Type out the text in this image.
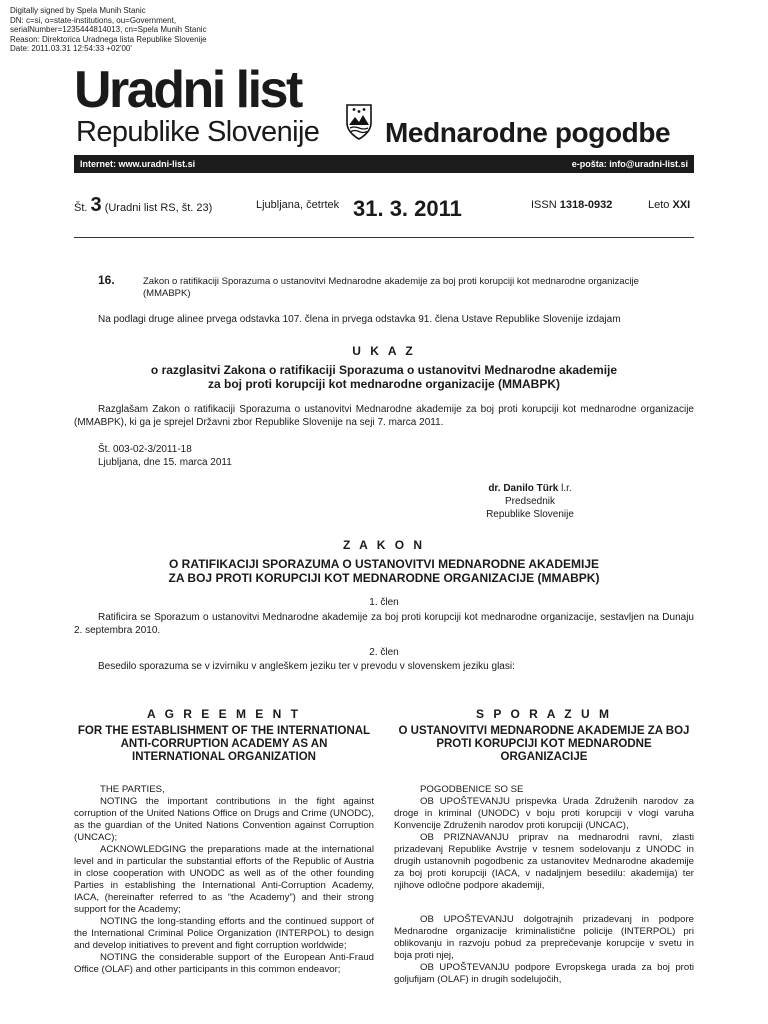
Digitally signed by Spela Munih Stanic
DN: c=si, o=state-institutions, ou=Government,
serialNumber=1235444814013, cn=Spela Munih Stanic
Reason: Direktorica Uradnega lista Republike Slovenije
Date: 2011.03.31 12:54:33 +02'00'
Uradni list
Republike Slovenije Mednarodne pogodbe
Internet: www.uradni-list.si	e-pošta: info@uradni-list.si
Št. 3 (Uradni list RS, št. 23)	Ljubljana, četrtek 31. 3. 2011	ISSN 1318-0932	Leto XXI
16.	Zakon o ratifikaciji Sporazuma o ustanovitvi Mednarodne akademije za boj proti korupciji kot mednarodne organizacije (MMABPK)
Na podlagi druge alinee prvega odstavka 107. člena in prvega odstavka 91. člena Ustave Republike Slovenije izdajam
U K A Z
o razglasitvi Zakona o ratifikaciji Sporazuma o ustanovitvi Mednarodne akademije
za boj proti korupciji kot mednarodne organizacije (MMABPK)
Razglašam Zakon o ratifikaciji Sporazuma o ustanovitvi Mednarodne akademije za boj proti korupciji kot mednarodne organizacije (MMABPK), ki ga je sprejel Državni zbor Republike Slovenije na seji 7. marca 2011.
Št. 003-02-3/2011-18
Ljubljana, dne 15. marca 2011
dr. Danilo Türk l.r.
Predsednik
Republike Slovenije
Z A K O N
O RATIFIKACIJI SPORAZUMA O USTANOVITVI MEDNARODNE AKADEMIJE
ZA BOJ PROTI KORUPCIJI KOT MEDNARODNE ORGANIZACIJE (MMABPK)
1. člen
Ratificira se Sporazum o ustanovitvi Mednarodne akademije za boj proti korupciji kot mednarodne organizacije, sestavljen na Dunaju 2. septembra 2010.
2. člen
Besedilo sporazuma se v izvirniku v angleškem jeziku ter v prevodu v slovenskem jeziku glasi:
A G R E E M E N T
FOR THE ESTABLISHMENT OF THE INTERNATIONAL ANTI-CORRUPTION ACADEMY AS AN INTERNATIONAL ORGANIZATION

THE PARTIES,

NOTING the important contributions in the fight against corruption of the United Nations Office on Drugs and Crime (UNODC), as the guardian of the United Nations Convention against Corruption (UNCAC);

ACKNOWLEDGING the preparations made at the international level and in particular the substantial efforts of the Republic of Austria in close cooperation with UNODC as well as of the other founding Parties in establishing the International Anti-Corruption Academy, IACA, (hereinafter referred to as “the Academy”) and their strong support for the Academy;

NOTING the long-standing efforts and the continued support of the International Criminal Police Organization (INTERPOL) to design and develop initiatives to prevent and fight corruption worldwide;

NOTING the considerable support of the European Anti-Fraud Office (OLAF) and other participants in this common endeavor;

S P O R A Z U M
O USTANOVITVI MEDNARODNE AKADEMIJE ZA BOJ PROTI KORUPCIJI KOT MEDNARODNE ORGANIZACIJE

POGODBENICE SO SE

OB UPOŠTEVANJU prispevka Urada Združenih narodov za droge in kriminal (UNODC) v boju proti korupciji v vlogi varuha Konvencije Združenih narodov proti korupciji (UNCAC),

OB PRIZNAVANJU priprav na mednarodni ravni, zlasti prizadevanj Republike Avstrije v tesnem sodelovanju z UNODC in drugih ustanovnih pogodbenic za ustanovitev Mednarodne akademije za boj proti korupciji (IACA, v nadaljnjem besedilu: akademija) ter njihove odločne podpore akademiji,

OB UPOŠTEVANJU dolgotrajnih prizadevanj in podpore Mednarodne organizacije kriminalistične policije (INTERPOL) pri oblikovanju in razvoju pobud za preprečevanje korupcije v svetu in boja proti njej,

OB UPOŠTEVANJU podpore Evropskega urada za boj proti goljufijam (OLAF) in drugih sodelujočih,
